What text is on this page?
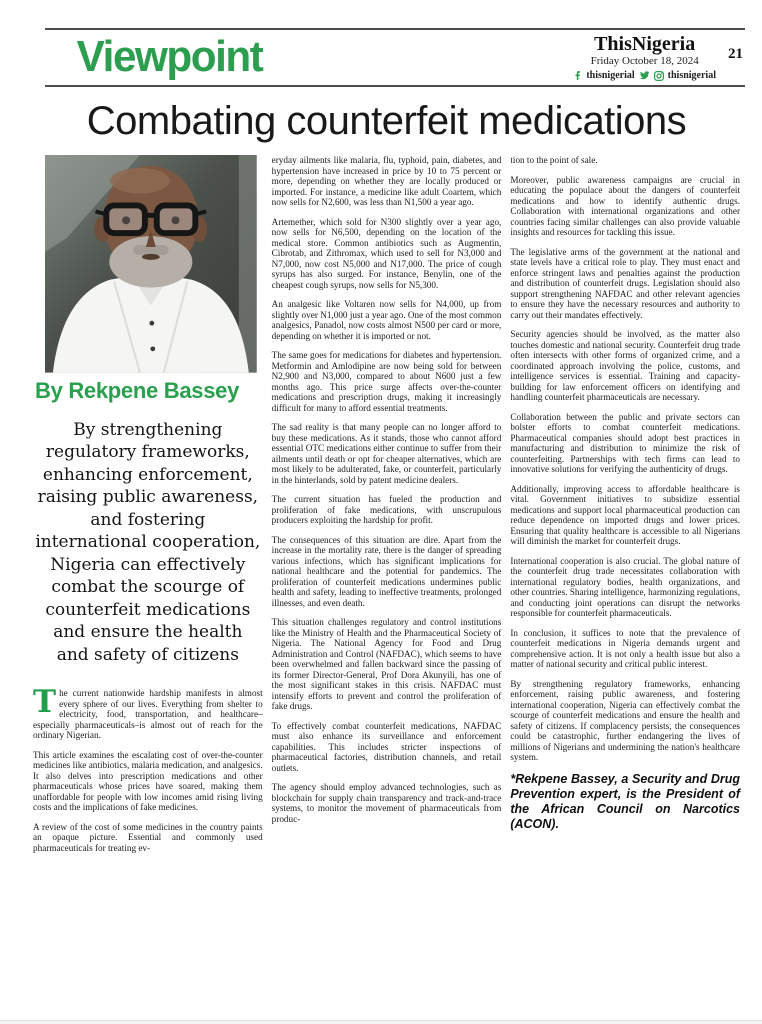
Viewpoint	ThisNigeria
Friday October 18, 2024
thisnigerial	thisnigerial
21
Combating counterfeit medications
By Rekpene Bassey
By strengthening regulatory frameworks, enhancing enforcement, raising public awareness, and fostering international cooperation, Nigeria can effectively combat the scourge of counterfeit medications and ensure the health and safety of citizens

The current nationwide hardship manifests in almost every sphere of our lives. Everything from shelter to electricity, food, transportation, and healthcare–especially pharmaceuticals–is almost out of reach for the ordinary Nigerian.

This article examines the escalating cost of over-the-counter medicines like antibiotics, malaria medication, and analgesics. It also delves into prescription medications and other pharmaceuticals whose prices have soared, making them unaffordable for people with low incomes amid rising living costs and the implications of fake medicines.

A review of the cost of some medicines in the country paints an opaque picture. Essential and commonly used pharmaceuticals for treating ev-

eryday ailments like malaria, flu, typhoid, pain, diabetes, and hypertension have increased in price by 10 to 75 percent or more, depending on whether they are locally produced or imported. For instance, a medicine like adult Coartem, which now sells for N2,600, was less than N1,500 a year ago.

Artemether, which sold for N300 slightly over a year ago, now sells for N6,500, depending on the location of the medical store. Common antibiotics such as Augmentin, Cibrotab, and Zithromax, which used to sell for N3,000 and N7,000, now cost N5,000 and N17,000. The price of cough syrups has also surged. For instance, Benylin, one of the cheapest cough syrups, now sells for N5,300.

An analgesic like Voltaren now sells for N4,000, up from slightly over N1,000 just a year ago. One of the most common analgesics, Panadol, now costs almost N500 per card or more, depending on whether it is imported or not.

The same goes for medications for diabetes and hypertension. Metformin and Amlodipine are now being sold for between N2,900 and N3,000, compared to about N600 just a few months ago. This price surge affects over-the-counter medications and prescription drugs, making it increasingly difficult for many to afford essential treatments.

The sad reality is that many people can no longer afford to buy these medications. As it stands, those who cannot afford essential OTC medications either continue to suffer from their ailments until death or opt for cheaper alternatives, which are most likely to be adulterated, fake, or counterfeit, particularly in the hinterlands, sold by patent medicine dealers.

The current situation has fueled the production and proliferation of fake medications, with unscrupulous producers exploiting the hardship for profit.

The consequences of this situation are dire. Apart from the increase in the mortality rate, there is the danger of spreading various infections, which has significant implications for national healthcare and the potential for pandemics. The proliferation of counterfeit medications undermines public health and safety, leading to ineffective treatments, prolonged illnesses, and even death.

This situation challenges regulatory and control institutions like the Ministry of Health and the Pharmaceutical Society of Nigeria. The National Agency for Food and Drug Administration and Control (NAFDAC), which seems to have been overwhelmed and fallen backward since the passing of its former Director-General, Prof Dora Akunyili, has one of the most significant stakes in this crisis. NAFDAC must intensify efforts to prevent and control the proliferation of fake drugs.

To effectively combat counterfeit medications, NAFDAC must also enhance its surveillance and enforcement capabilities. This includes stricter inspections of pharmaceutical factories, distribution channels, and retail outlets.

The agency should employ advanced technologies, such as blockchain for supply chain transparency and track-and-trace systems, to monitor the movement of pharmaceuticals from produc-

tion to the point of sale.

Moreover, public awareness campaigns are crucial in educating the populace about the dangers of counterfeit medications and how to identify authentic drugs. Collaboration with international organizations and other countries facing similar challenges can also provide valuable insights and resources for tackling this issue.

The legislative arms of the government at the national and state levels have a critical role to play. They must enact and enforce stringent laws and penalties against the production and distribution of counterfeit drugs. Legislation should also support strengthening NAFDAC and other relevant agencies to ensure they have the necessary resources and authority to carry out their mandates effectively.

Security agencies should be involved, as the matter also touches domestic and national security. Counterfeit drug trade often intersects with other forms of organized crime, and a coordinated approach involving the police, customs, and intelligence services is essential. Training and capacity-building for law enforcement officers on identifying and handling counterfeit pharmaceuticals are necessary.

Collaboration between the public and private sectors can bolster efforts to combat counterfeit medications. Pharmaceutical companies should adopt best practices in manufacturing and distribution to minimize the risk of counterfeiting. Partnerships with tech firms can lead to innovative solutions for verifying the authenticity of drugs.

Additionally, improving access to affordable healthcare is vital. Government initiatives to subsidize essential medications and support local pharmaceutical production can reduce dependence on imported drugs and lower prices. Ensuring that quality healthcare is accessible to all Nigerians will diminish the market for counterfeit drugs.

International cooperation is also crucial. The global nature of the counterfeit drug trade necessitates collaboration with international regulatory bodies, health organizations, and other countries. Sharing intelligence, harmonizing regulations, and conducting joint operations can disrupt the networks responsible for counterfeit pharmaceuticals.

In conclusion, it suffices to note that the prevalence of counterfeit medications in Nigeria demands urgent and comprehensive action. It is not only a health issue but also a matter of national security and critical public interest.

By strengthening regulatory frameworks, enhancing enforcement, raising public awareness, and fostering international cooperation, Nigeria can effectively combat the scourge of counterfeit medications and ensure the health and safety of citizens. If complacency persists, the consequences could be catastrophic, further endangering the lives of millions of Nigerians and undermining the nation's healthcare system.

*Rekpene Bassey, a Security and Drug Prevention expert, is the President of the African Council on Narcotics (ACON).
